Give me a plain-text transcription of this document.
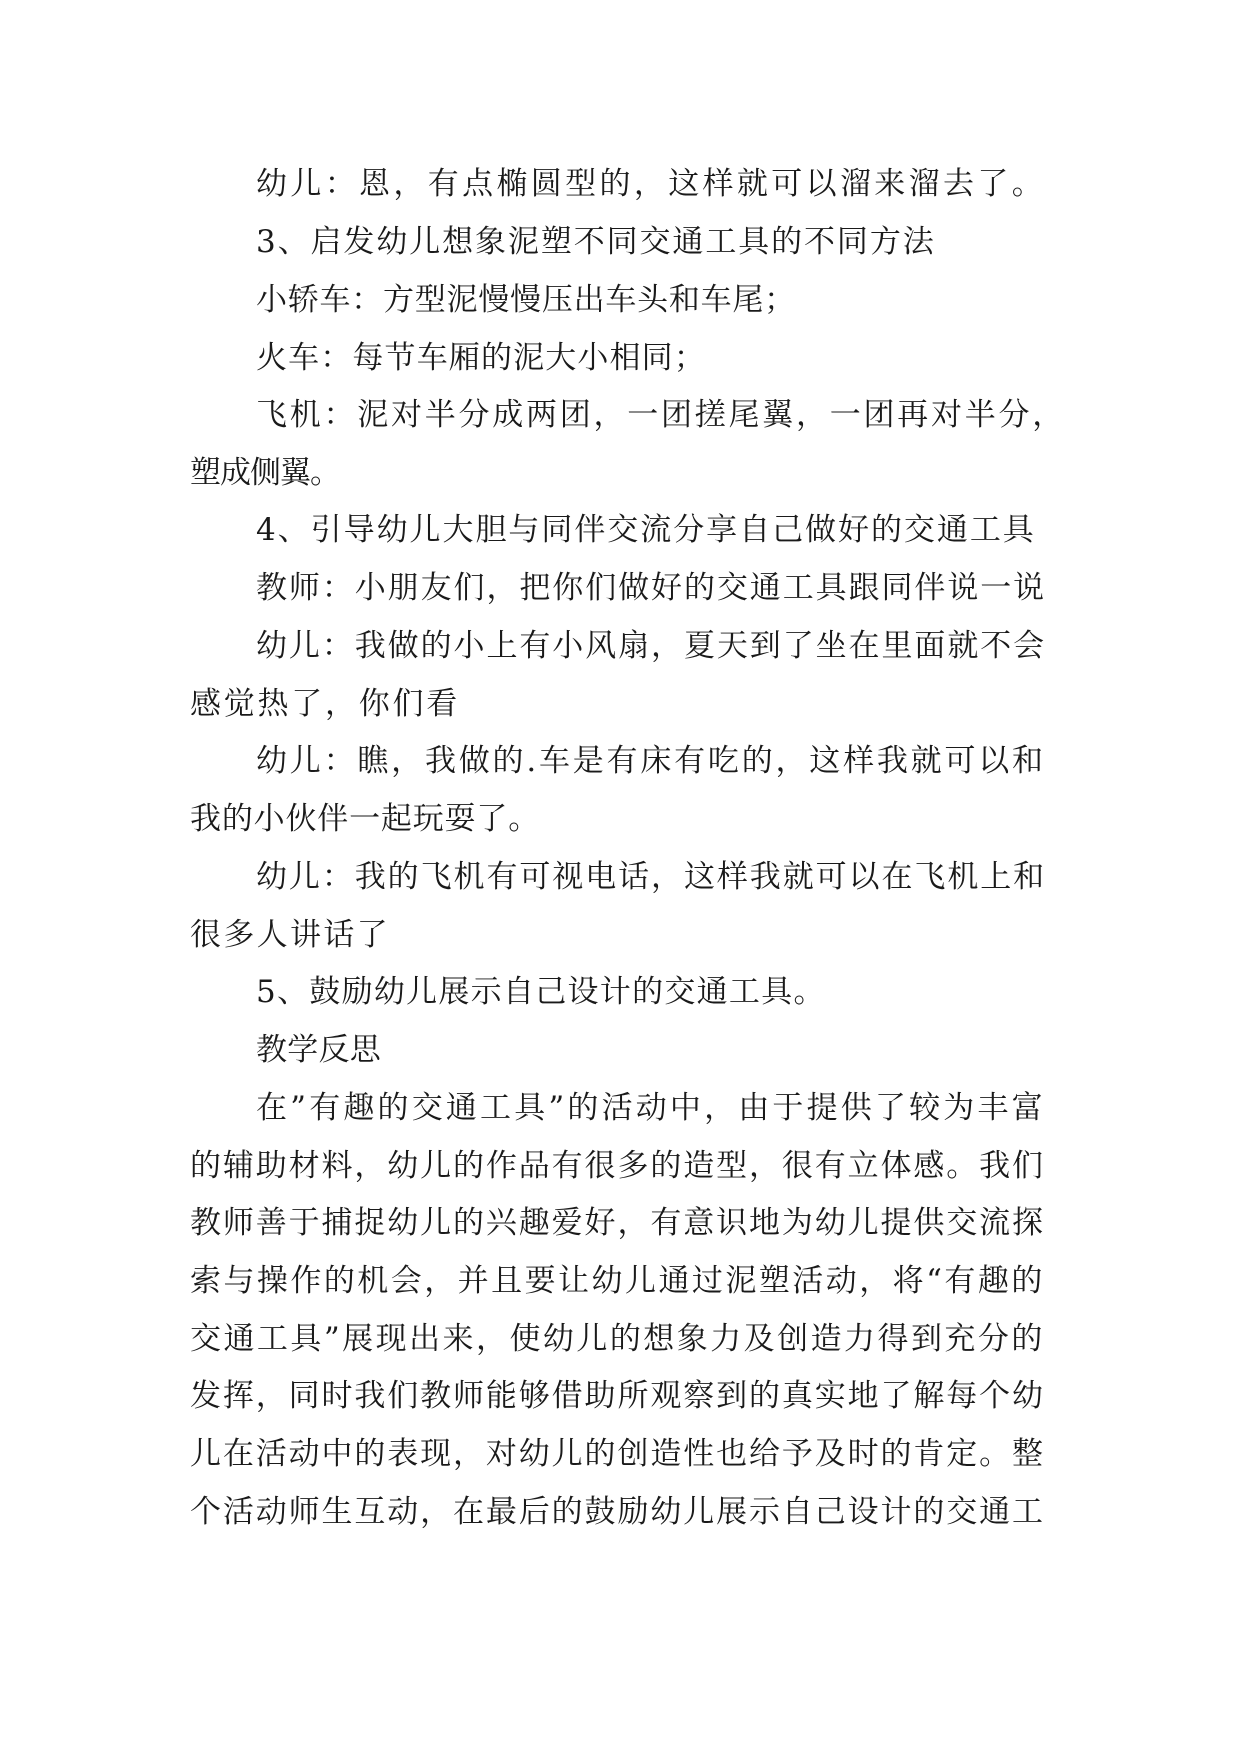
幼儿：恩，有点椭圆型的，这样就可以溜来溜去了。

3、启发幼儿想象泥塑不同交通工具的不同方法

小轿车：方型泥慢慢压出车头和车尾；

火车：每节车厢的泥大小相同；

飞机：泥对半分成两团，一团搓尾翼，一团再对半分，

塑成侧翼。

4、引导幼儿大胆与同伴交流分享自己做好的交通工具

教师：小朋友们，把你们做好的交通工具跟同伴说一说

幼儿：我做的小上有小风扇，夏天到了坐在里面就不会

感觉热了，你们看

幼儿：瞧，我做的.车是有床有吃的，这样我就可以和

我的小伙伴一起玩耍了。

幼儿：我的飞机有可视电话，这样我就可以在飞机上和

很多人讲话了

5、鼓励幼儿展示自己设计的交通工具。

教学反思

在”有趣的交通工具”的活动中，由于提供了较为丰富

的辅助材料，幼儿的作品有很多的造型，很有立体感。我们

教师善于捕捉幼儿的兴趣爱好，有意识地为幼儿提供交流探

索与操作的机会，并且要让幼儿通过泥塑活动，将“有趣的

交通工具”展现出来，使幼儿的想象力及创造力得到充分的

发挥，同时我们教师能够借助所观察到的真实地了解每个幼

儿在活动中的表现，对幼儿的创造性也给予及时的肯定。整

个活动师生互动，在最后的鼓励幼儿展示自己设计的交通工
